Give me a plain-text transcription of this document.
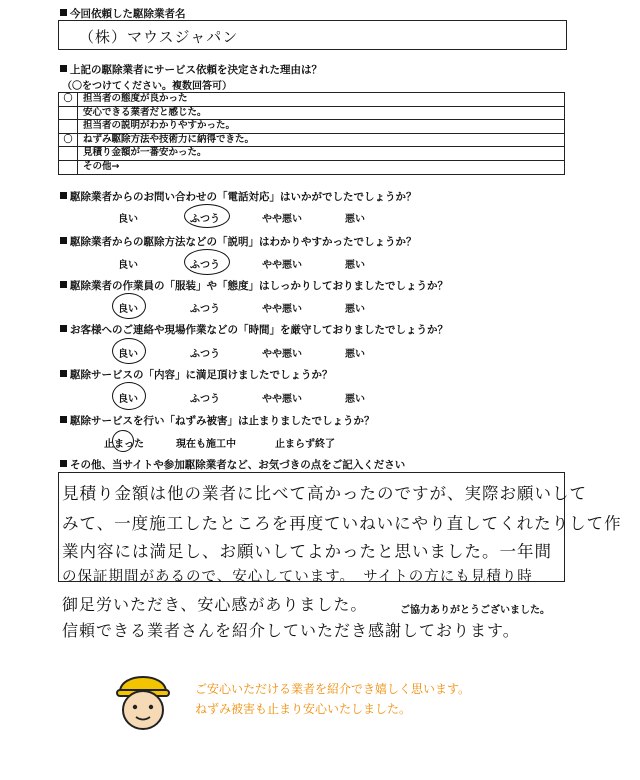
今回依頼した駆除業者名
（株）マウスジャパン
上記の駆除業者にサービス依頼を決定された理由は？
（〇をつけてください。複数回答可）
〇	担当者の態度が良かった
安心できる業者だと感じた。
担当者の説明がわかりやすかった。
〇	ねずみ駆除方法や技術力に納得できた。
見積り金額が一番安かった。
その他→
駆除業者からのお問い合わせの「電話対応」はいかがでしたでしょうか？
良い	ふつう	やや悪い	悪い
駆除業者からの駆除方法などの「説明」はわかりやすかったでしょうか？
良い	ふつう	やや悪い	悪い
駆除業者の作業員の「服装」や「態度」はしっかりしておりましたでしょうか？
良い	ふつう	やや悪い	悪い
お客様へのご連絡や現場作業などの「時間」を厳守しておりましたでしょうか？
良い	ふつう	やや悪い	悪い
駆除サービスの「内容」に満足頂けましたでしょうか？
良い	ふつう	やや悪い	悪い
駆除サービスを行い「ねずみ被害」は止まりましたでしょうか？
止まった	現在も施工中	止まらず終了
その他、当サイトや参加駆除業者など、お気づきの点をご記入ください
見積り金額は他の業者に比べて高かったのですが、実際お願いして
みて、一度施工したところを再度ていねいにやり直してくれたりして作
業内容には満足し、お願いしてよかったと思いました。一年間
の保証期間があるので、安心しています。　サイトの方にも見積り時
御足労いただき、安心感がありました。
信頼できる業者さんを紹介していただき感謝しております。
ご協力ありがとうございました。
ご安心いただける業者を紹介でき嬉しく思います。
ねずみ被害も止まり安心いたしました。
